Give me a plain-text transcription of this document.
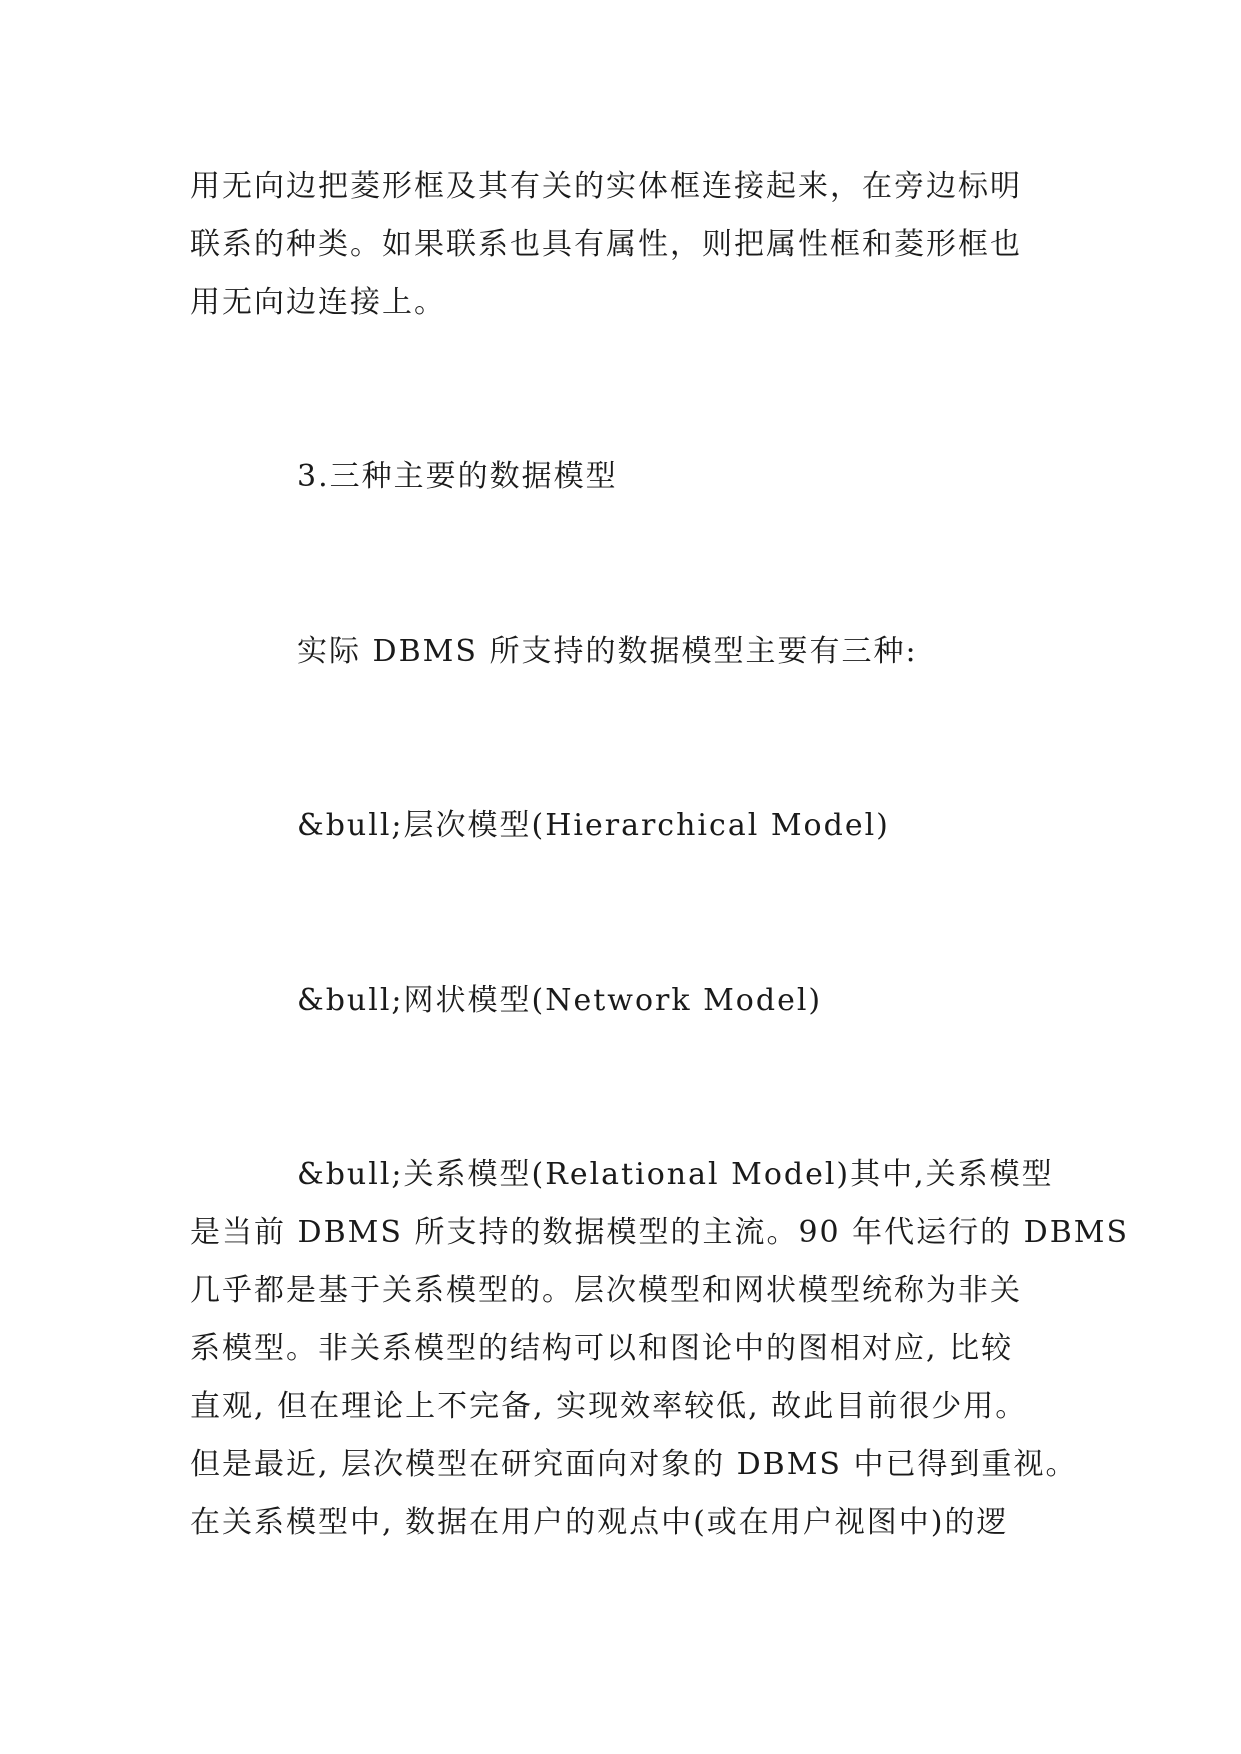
用无向边把菱形框及其有关的实体框连接起来，在旁边标明
联系的种类。如果联系也具有属性，则把属性框和菱形框也
用无向边连接上。
3.三种主要的数据模型
实际 DBMS 所支持的数据模型主要有三种:
&bull;层次模型(Hierarchical Model)
&bull;网状模型(Network Model)
&bull;关系模型(Relational Model)其中,关系模型
是当前 DBMS 所支持的数据模型的主流。90 年代运行的 DBMS
几乎都是基于关系模型的。层次模型和网状模型统称为非关
系模型。非关系模型的结构可以和图论中的图相对应, 比较
直观, 但在理论上不完备, 实现效率较低, 故此目前很少用。
但是最近, 层次模型在研究面向对象的 DBMS 中已得到重视。
在关系模型中, 数据在用户的观点中(或在用户视图中)的逻
